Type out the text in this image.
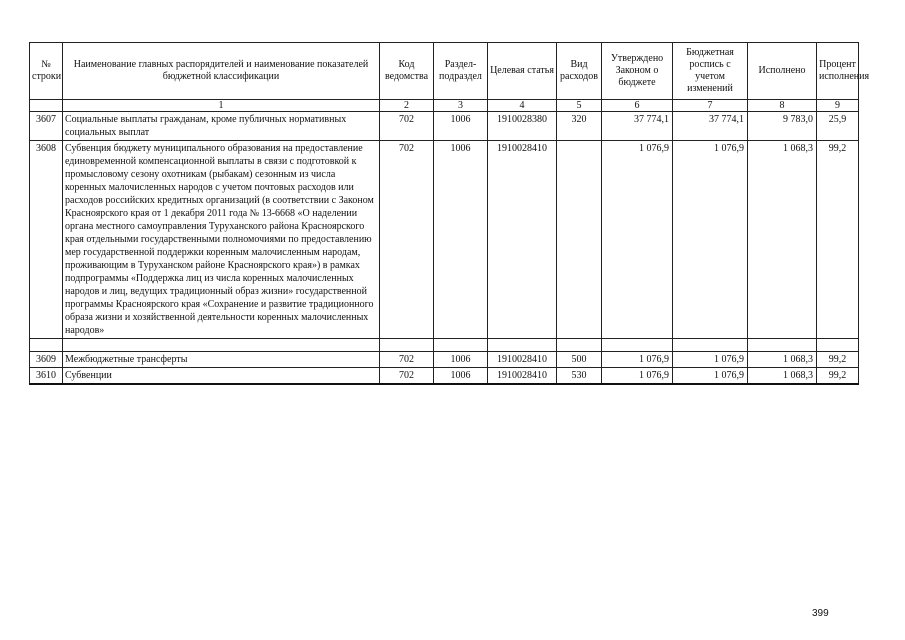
№ строки	Наименование главных распорядителей и наименование показателей бюджетной классификации	Код ведомства	Раздел-подраздел	Целевая статья	Вид расходов	Утверждено Законом о бюджете	Бюджетная роспись с учетом изменений	Исполнено	Процент исполнения
	1	2	3	4	5	6	7	8	9
3607	Социальные выплаты гражданам, кроме публичных нормативных социальных выплат	702	1006	1910028380	320	37 774,1	37 774,1	9 783,0	25,9
3608	Субвенция бюджету муниципального образования на предоставление единовременной компенсационной выплаты в связи с подготовкой к промысловому сезону охотникам (рыбакам) сезонным из числа коренных малочисленных народов с учетом почтовых расходов или расходов российских кредитных организаций (в соответствии с Законом Красноярского края от 1 декабря 2011 года № 13-6668 «О наделении органа местного самоуправления Туруханского района Красноярского края отдельными государственными полномочиями по предоставлению мер государственной поддержки коренным малочисленным народам, проживающим в Туруханском районе Красноярского края») в рамках подпрограммы «Поддержка лиц из числа коренных малочисленных народов и лиц, ведущих традиционный образ жизни» государственной программы Красноярского края «Сохранение и развитие традиционного образа жизни и хозяйственной деятельности коренных малочисленных народов»	702	1006	1910028410		1 076,9	1 076,9	1 068,3	99,2

3609	Межбюджетные трансферты	702	1006	1910028410	500	1 076,9	1 076,9	1 068,3	99,2
3610	Субвенции	702	1006	1910028410	530	1 076,9	1 076,9	1 068,3	99,2
399
